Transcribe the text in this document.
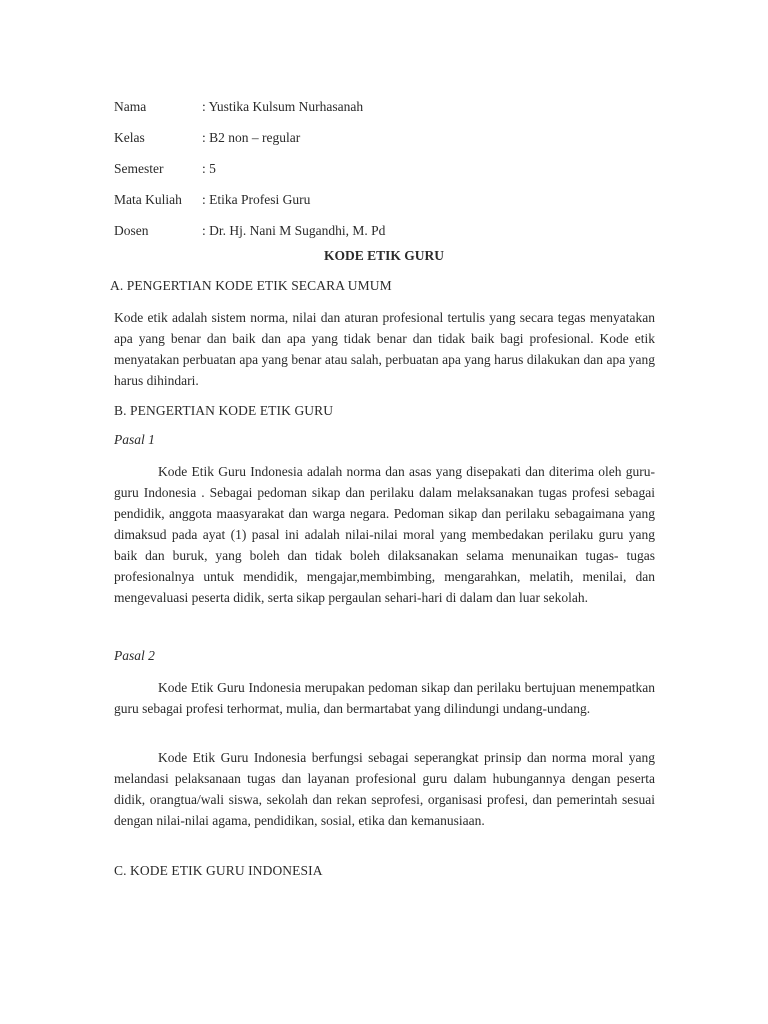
Nama	: Yustika Kulsum Nurhasanah
Kelas	: B2 non – regular
Semester	: 5
Mata Kuliah	: Etika Profesi Guru
Dosen	: Dr. Hj. Nani M Sugandhi, M. Pd
KODE ETIK GURU
A. PENGERTIAN KODE ETIK SECARA UMUM

Kode etik adalah sistem norma, nilai dan aturan profesional tertulis yang secara tegas menyatakan apa yang benar dan baik dan apa yang tidak benar dan tidak baik bagi profesional. Kode etik menyatakan perbuatan apa yang benar atau salah, perbuatan apa yang harus dilakukan dan apa yang harus dihindari.

B. PENGERTIAN KODE ETIK GURU
Pasal 1

Kode Etik Guru Indonesia adalah norma dan asas yang disepakati dan diterima oleh guru-guru Indonesia . Sebagai pedoman sikap dan perilaku dalam melaksanakan tugas profesi sebagai pendidik, anggota maasyarakat dan warga negara. Pedoman sikap dan perilaku sebagaimana yang dimaksud pada ayat (1) pasal ini adalah nilai-nilai moral yang membedakan perilaku guru yang baik dan buruk, yang boleh dan tidak boleh dilaksanakan selama menunaikan tugas- tugas profesionalnya untuk mendidik, mengajar,membimbing, mengarahkan, melatih, menilai, dan mengevaluasi peserta didik, serta sikap pergaulan sehari-hari di dalam dan luar sekolah.

Pasal 2

Kode Etik Guru Indonesia merupakan pedoman sikap dan perilaku bertujuan menempatkan guru sebagai profesi terhormat, mulia, dan bermartabat yang dilindungi undang-undang.

Kode Etik Guru Indonesia berfungsi sebagai seperangkat prinsip dan norma moral yang melandasi pelaksanaan tugas dan layanan profesional guru dalam hubungannya dengan peserta didik, orangtua/wali siswa, sekolah dan rekan seprofesi, organisasi profesi, dan pemerintah sesuai dengan nilai-nilai agama, pendidikan, sosial, etika dan kemanusiaan.

C. KODE ETIK GURU INDONESIA
